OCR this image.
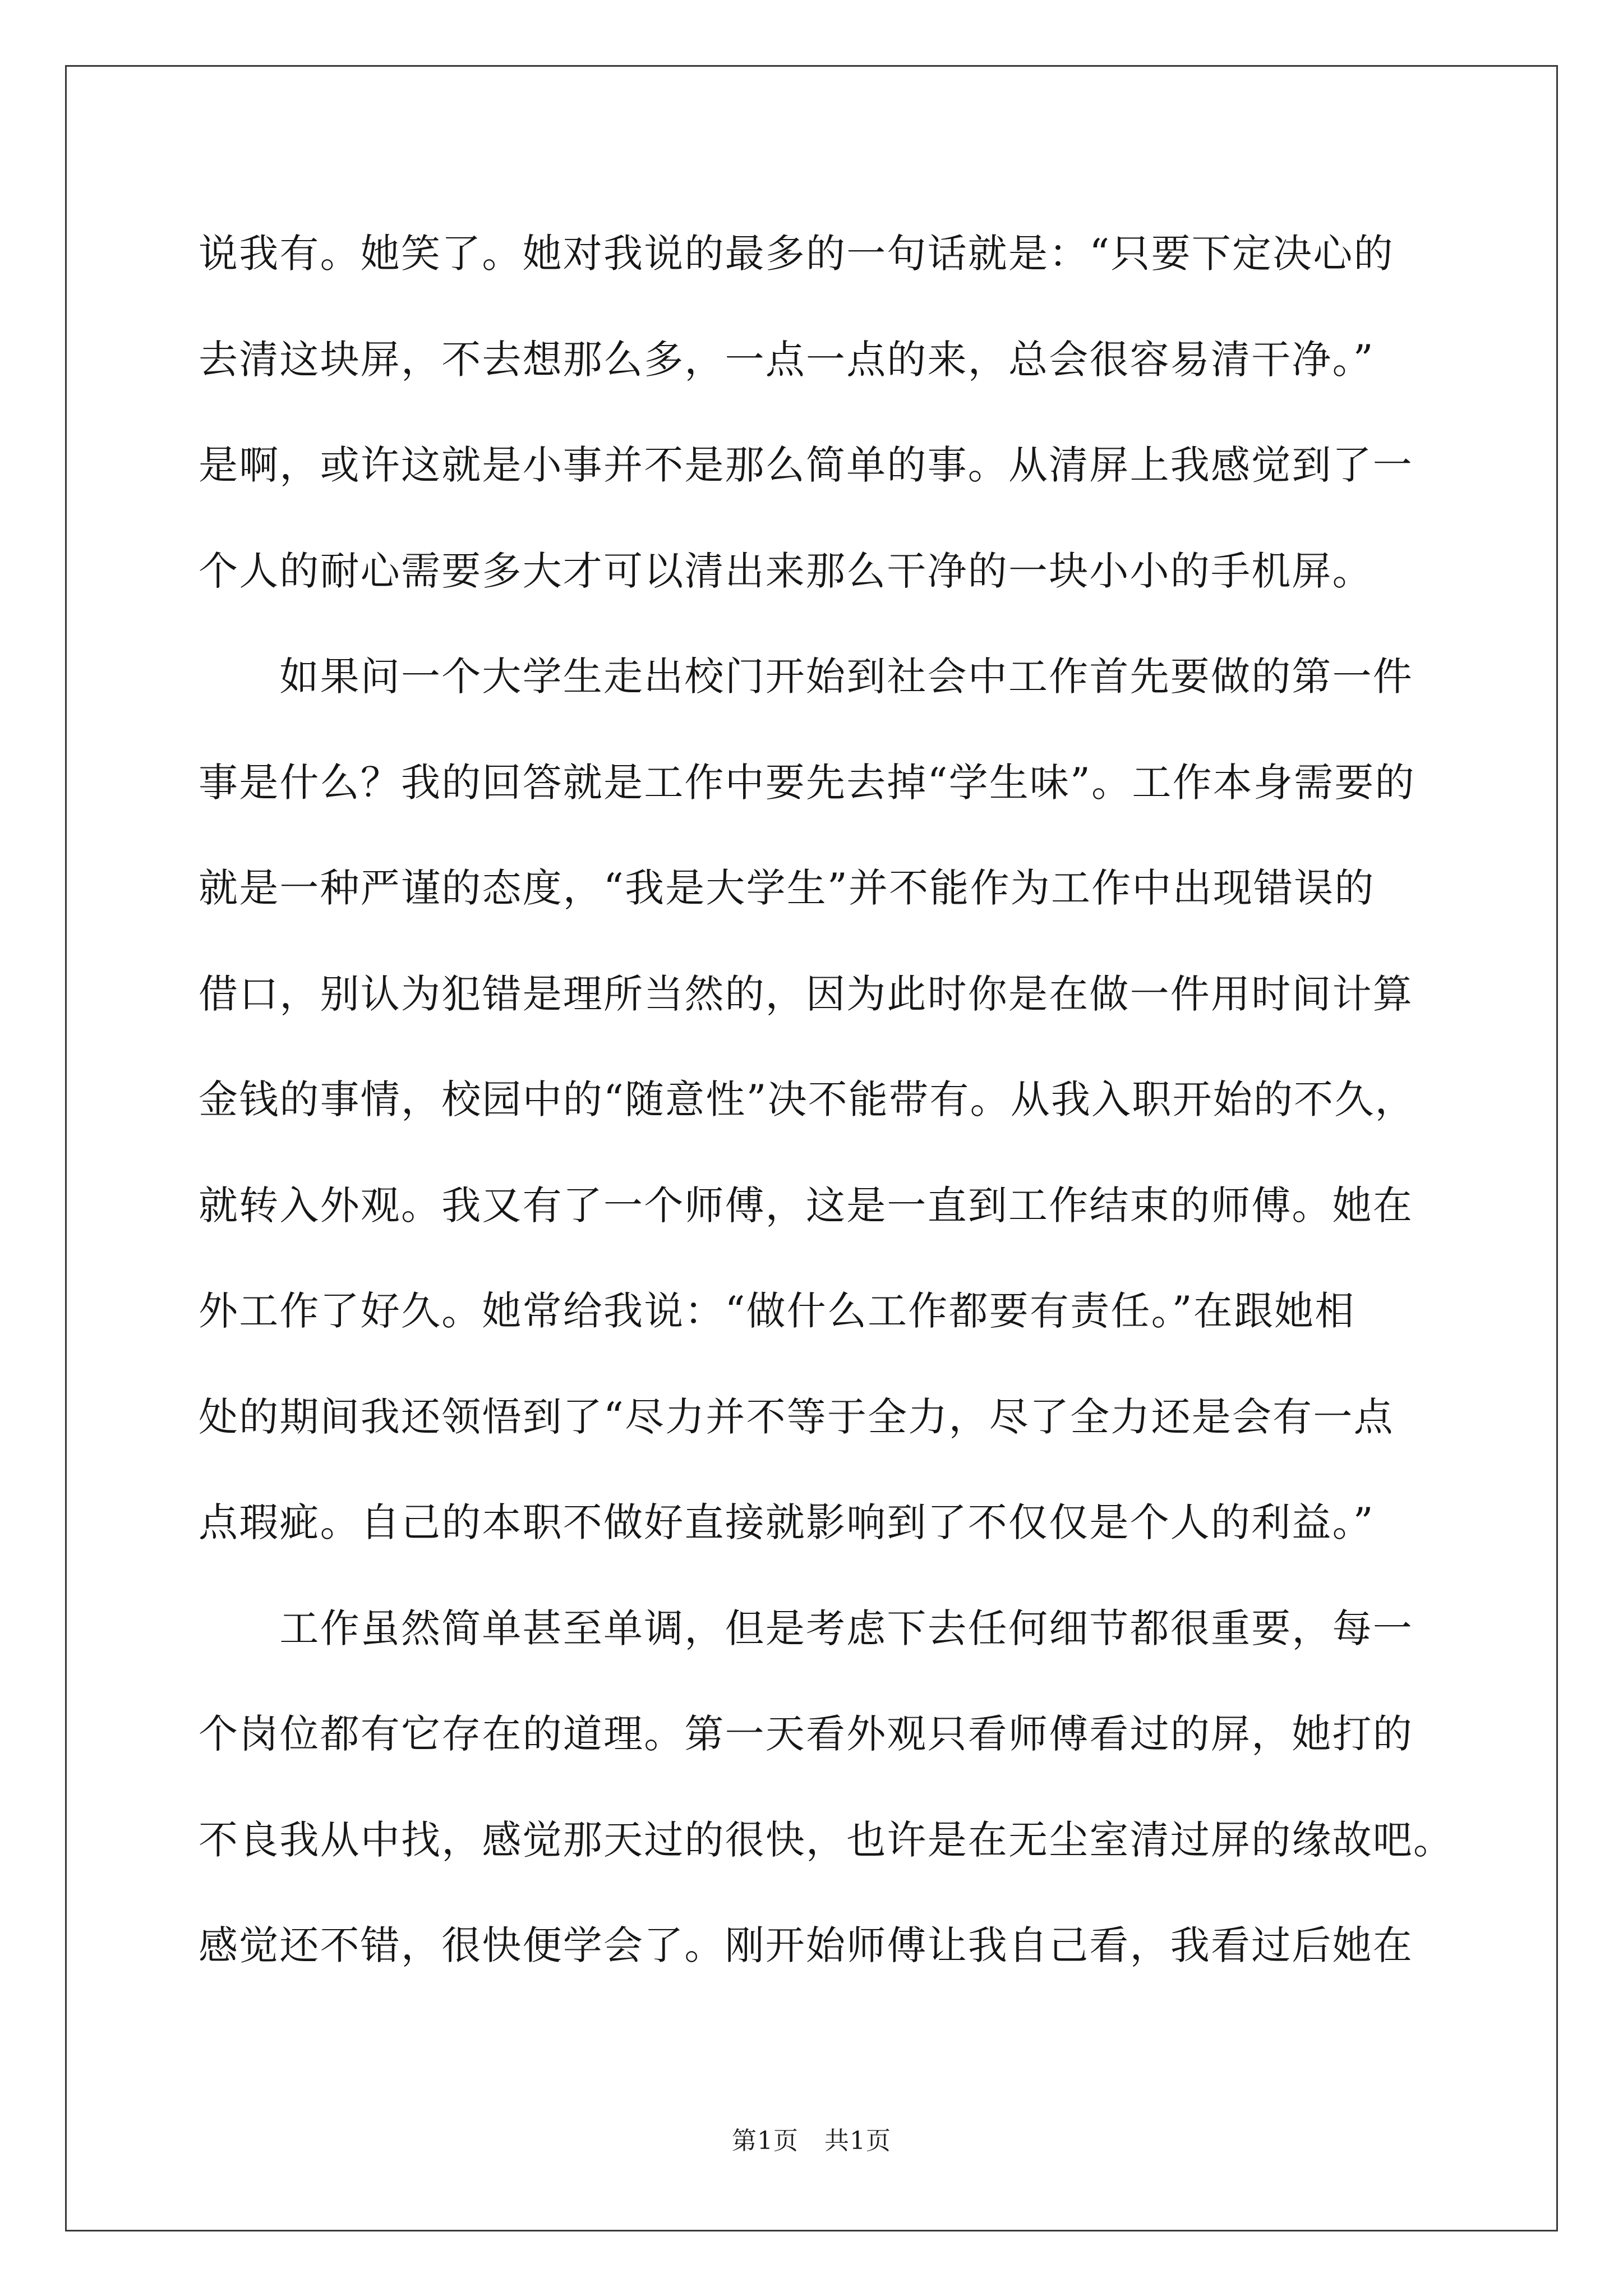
说我有。她笑了。她对我说的最多的一句话就是：“只要下定决心的
去清这块屏，不去想那么多，一点一点的来，总会很容易清干净。”
是啊，或许这就是小事并不是那么简单的事。从清屏上我感觉到了一
个人的耐心需要多大才可以清出来那么干净的一块小小的手机屏。
　　如果问一个大学生走出校门开始到社会中工作首先要做的第一件
事是什么？我的回答就是工作中要先去掉“学生味”。工作本身需要的
就是一种严谨的态度，“我是大学生”并不能作为工作中出现错误的
借口，别认为犯错是理所当然的，因为此时你是在做一件用时间计算
金钱的事情，校园中的“随意性”决不能带有。从我入职开始的不久，
就转入外观。我又有了一个师傅，这是一直到工作结束的师傅。她在
外工作了好久。她常给我说：“做什么工作都要有责任。”在跟她相
处的期间我还领悟到了“尽力并不等于全力，尽了全力还是会有一点
点瑕疵。自己的本职不做好直接就影响到了不仅仅是个人的利益。”
　　工作虽然简单甚至单调，但是考虑下去任何细节都很重要，每一
个岗位都有它存在的道理。第一天看外观只看师傅看过的屏，她打的
不良我从中找，感觉那天过的很快，也许是在无尘室清过屏的缘故吧。
感觉还不错，很快便学会了。刚开始师傅让我自己看，我看过后她在
第1页 共1页
